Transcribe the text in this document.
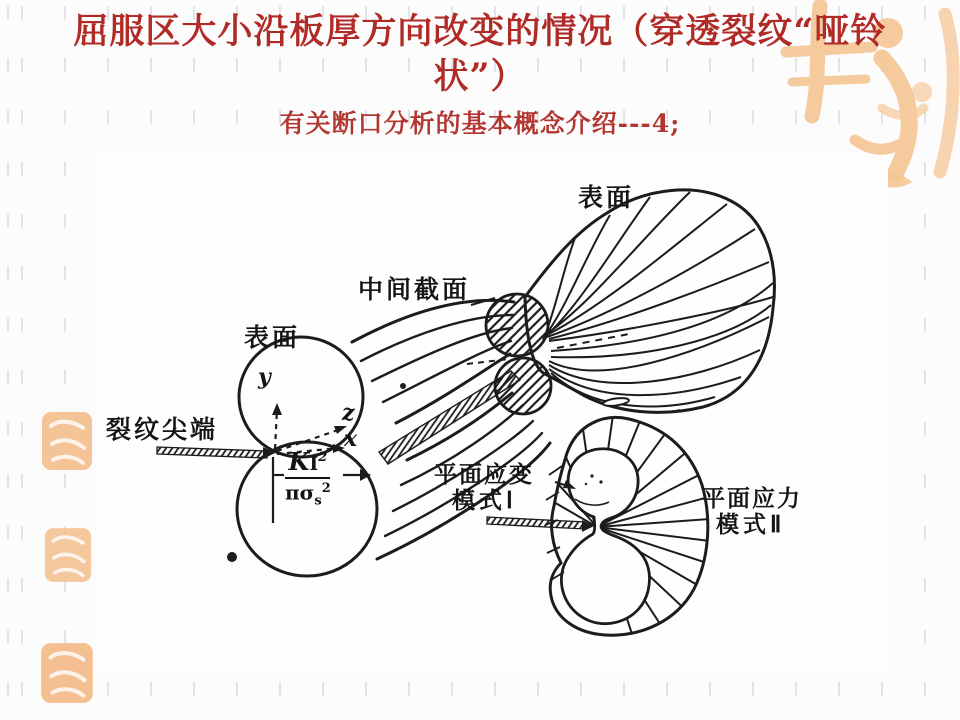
屈服区大小沿板厚方向改变的情况（穿透裂纹“哑铃状”）
有关断口分析的基本概念介绍---4;
表面
中间截面
表面
裂纹尖端
平面应变
模式Ⅰ	平面应力
模式Ⅱ
y
z
x
KⅠ$^2$
$\pi\sigma_s^2$
